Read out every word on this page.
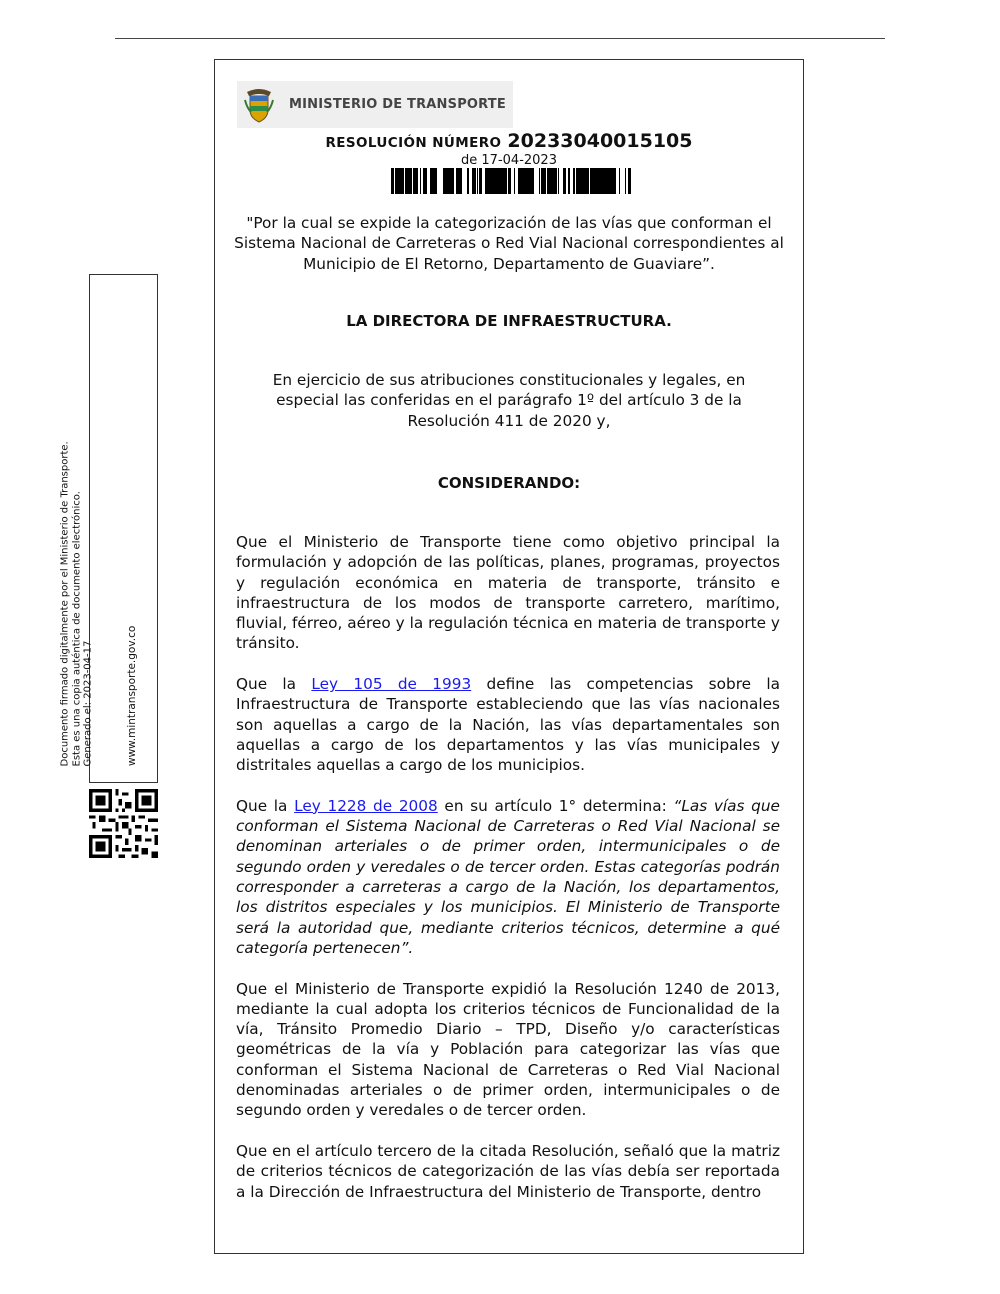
Documento firmado digitalmente por el Ministerio de Transporte. Esta es una copia auténtica de documento electrónico. Generado el: 2023-04-17	www.mintransporte.gov.co
MINISTERIO DE TRANSPORTE
RESOLUCIÓN NÚMERO 20233040015105
de 17-04-2023
"Por la cual se expide la categorización de las vías que conforman el Sistema Nacional de Carreteras o Red Vial Nacional correspondientes al Municipio de El Retorno, Departamento de Guaviare”.
LA DIRECTORA DE INFRAESTRUCTURA.
En ejercicio de sus atribuciones constitucionales y legales, en especial las conferidas en el parágrafo 1º del artículo 3 de la Resolución 411 de 2020 y,
CONSIDERANDO:

Que el Ministerio de Transporte tiene como objetivo principal la formulación y adopción de las políticas, planes, programas, proyectos y regulación económica en materia de transporte, tránsito e infraestructura de los modos de transporte carretero, marítimo, fluvial, férreo, aéreo y la regulación técnica en materia de transporte y tránsito.

Que la Ley 105 de 1993 define las competencias sobre la Infraestructura de Transporte estableciendo que las vías nacionales son aquellas a cargo de la Nación, las vías departamentales son aquellas a cargo de los departamentos y las vías municipales y distritales aquellas a cargo de los municipios.

Que la Ley 1228 de 2008 en su artículo 1° determina: “Las vías que conforman el Sistema Nacional de Carreteras o Red Vial Nacional se denominan arteriales o de primer orden, intermunicipales o de segundo orden y veredales o de tercer orden. Estas categorías podrán corresponder a carreteras a cargo de la Nación, los departamentos, los distritos especiales y los municipios. El Ministerio de Transporte será la autoridad que, mediante criterios técnicos, determine a qué categoría pertenecen”.

Que el Ministerio de Transporte expidió la Resolución 1240 de 2013, mediante la cual adopta los criterios técnicos de Funcionalidad de la vía, Tránsito Promedio Diario – TPD, Diseño y/o características geométricas de la vía y Población para categorizar las vías que conforman el Sistema Nacional de Carreteras o Red Vial Nacional denominadas arteriales o de primer orden, intermunicipales o de segundo orden y veredales o de tercer orden.

Que en el artículo tercero de la citada Resolución, señaló que la matriz de criterios técnicos de categorización de las vías debía ser reportada a la Dirección de Infraestructura del Ministerio de Transporte, dentro
